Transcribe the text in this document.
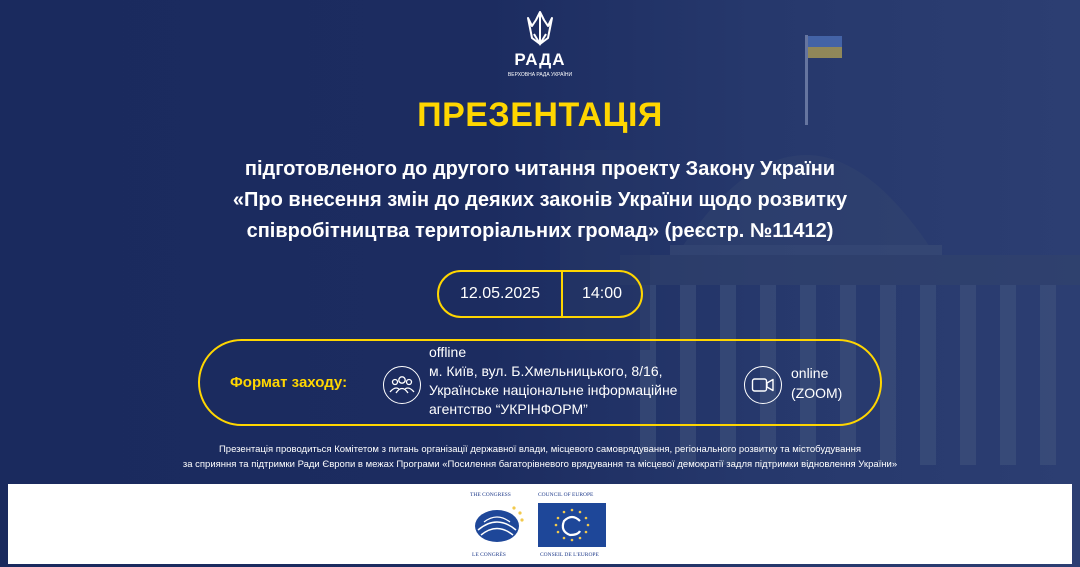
РАДА
ВЕРХОВНА РАДА УКРАЇНИ
ПРЕЗЕНТАЦІЯ
підготовленого до другого читання проекту Закону України
«Про внесення змін до деяких законів України щодо розвитку
співробітництва територіальних громад» (реєстр. №11412)
12.05.2025	14:00
Формат заходу:
offline
м. Київ, вул. Б.Хмельницького, 8/16,
Українське національне інформаційне
агентство “УКРІНФОРМ”
online
(ZOOM)
Презентація проводиться Комітетом з питань організації державної влади, місцевого самоврядування, регіонального розвитку та містобудування
за сприяння та підтримки Ради Європи в межах Програми «Посилення багаторівневого врядування та місцевої демократії задля підтримки відновлення України»
THE CONGRESS
LE CONGRÈS
COUNCIL OF EUROPE
CONSEIL DE L'EUROPE
